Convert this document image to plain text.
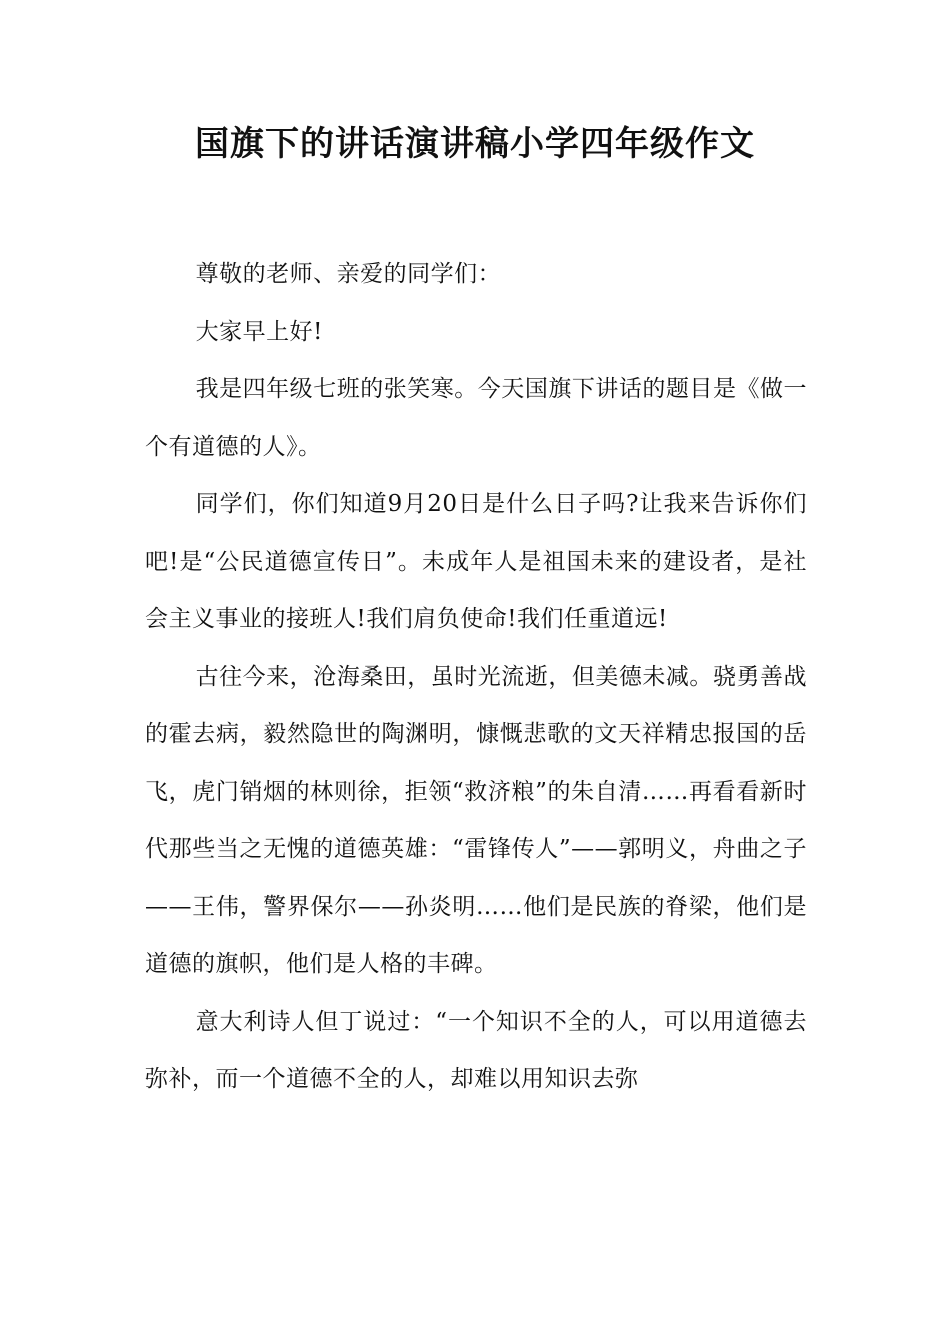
国旗下的讲话演讲稿小学四年级作文

尊敬的老师、亲爱的同学们：

大家早上好!

我是四年级七班的张笑寒。今天国旗下讲话的题目是《做一个有道德的人》。

同学们，你们知道9月20日是什么日子吗?让我来告诉你们吧!是“公民道德宣传日”。未成年人是祖国未来的建设者，是社会主义事业的接班人!我们肩负使命!我们任重道远!

古往今来，沧海桑田，虽时光流逝，但美德未减。骁勇善战的霍去病，毅然隐世的陶渊明，慷慨悲歌的文天祥精忠报国的岳飞，虎门销烟的林则徐，拒领“救济粮”的朱自清……再看看新时代那些当之无愧的道德英雄：“雷锋传人”——郭明义，舟曲之子——王伟，警界保尔——孙炎明……他们是民族的脊梁，他们是道德的旗帜，他们是人格的丰碑。

意大利诗人但丁说过：“一个知识不全的人，可以用道德去弥补，而一个道德不全的人，却难以用知识去弥
